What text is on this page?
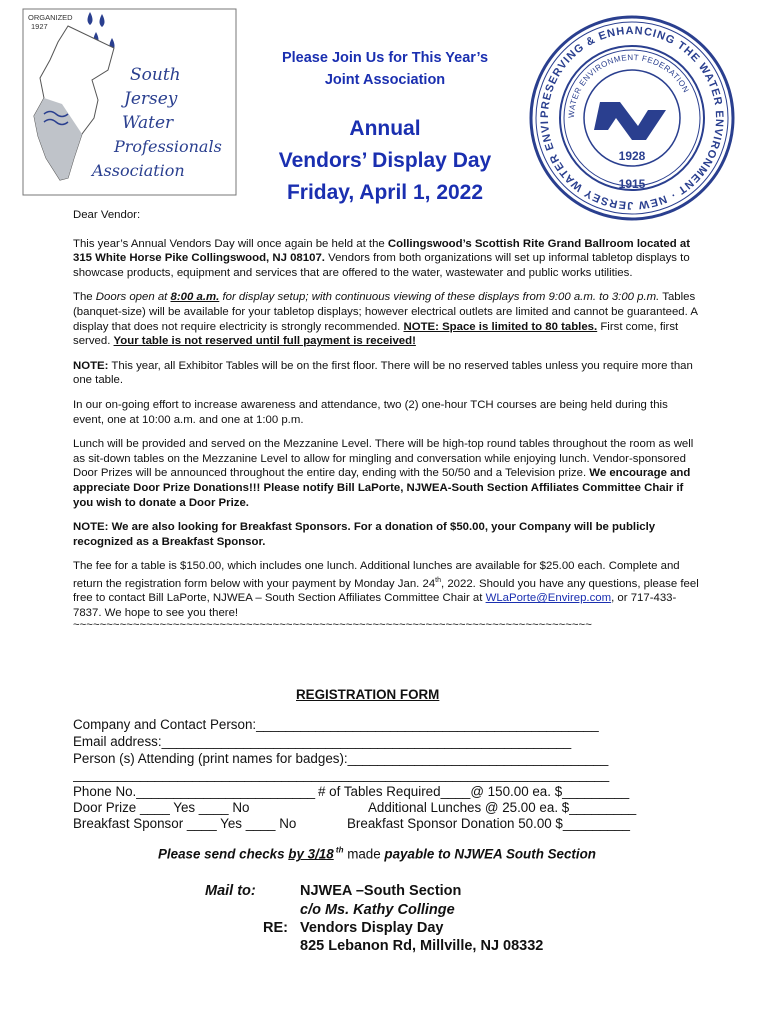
ORGANIZED
1927
South
Jersey
Water
Professionals
Association
Please Join Us for This Year’s
Joint Association
Annual
Vendors’ Display Day
Friday, April 1, 2022
PRESERVING & ENHANCING THE WATER ENVIRONMENT · NEW JERSEY WATER ENVI
WATER ENVIRONMENT FEDERATION
1928
1915

Dear Vendor:

This year’s Annual Vendors Day will once again be held at the Collingswood’s Scottish Rite Grand Ballroom located at 315 White Horse Pike Collingswood, NJ 08107. Vendors from both organizations will set up informal tabletop displays to showcase products, equipment and services that are offered to the water, wastewater and public works utilities.

The Doors open at 8:00 a.m. for display setup; with continuous viewing of these displays from 9:00 a.m. to 3:00 p.m. Tables (banquet-size) will be available for your tabletop displays; however electrical outlets are limited and cannot be guaranteed. A display that does not require electricity is strongly recommended. NOTE: Space is limited to 80 tables. First come, first served. Your table is not reserved until full payment is received!

NOTE: This year, all Exhibitor Tables will be on the first floor. There will be no reserved tables unless you require more than one table.

In our on-going effort to increase awareness and attendance, two (2) one-hour TCH courses are being held during this event, one at 10:00 a.m. and one at 1:00 p.m.

Lunch will be provided and served on the Mezzanine Level. There will be high-top round tables throughout the room as well as sit-down tables on the Mezzanine Level to allow for mingling and conversation while enjoying lunch. Vendor-sponsored Door Prizes will be announced throughout the entire day, ending with the 50/50 and a Television prize. We encourage and appreciate Door Prize Donations!!! Please notify Bill LaPorte, NJWEA-South Section Affiliates Committee Chair if you wish to donate a Door Prize.

NOTE: We are also looking for Breakfast Sponsors. For a donation of $50.00, your Company will be publicly recognized as a Breakfast Sponsor.

The fee for a table is $150.00, which includes one lunch. Additional lunches are available for $25.00 each. Complete and return the registration form below with your payment by Monday Jan. 24th, 2022. Should you have any questions, please feel free to contact Bill LaPorte, NJWEA – South Section Affiliates Committee Chair at WLaPorte@Envirep.com, or 717-433-7837. We hope to see you there!

~~~~~~~~~~~~~~~~~~~~~~~~~~~~~~~~~~~~~~~~~~~~~~~~~~~~~~~~~~~~~~~~~~~~~~~~~~~~~~

REGISTRATION FORM
Company and Contact Person:______________________________________________
Email address:_______________________________________________________
Person (s) Attending (print names for badges):___________________________________
________________________________________________________________________
Phone No.________________________ # of Tables Required____@ 150.00 ea. $_________
Door Prize ____ Yes ____ No	Additional Lunches @ 25.00 ea. $_________
Breakfast Sponsor ____ Yes ____ No	Breakfast Sponsor Donation 50.00 $_________
Please send checks by 3/18 $^{th}$ made payable to NJWEA South Section
Mail to:	NJWEA –South Section
c/o Ms. Kathy Collinge
RE: Vendors Display Day
825 Lebanon Rd, Millville, NJ 08332
